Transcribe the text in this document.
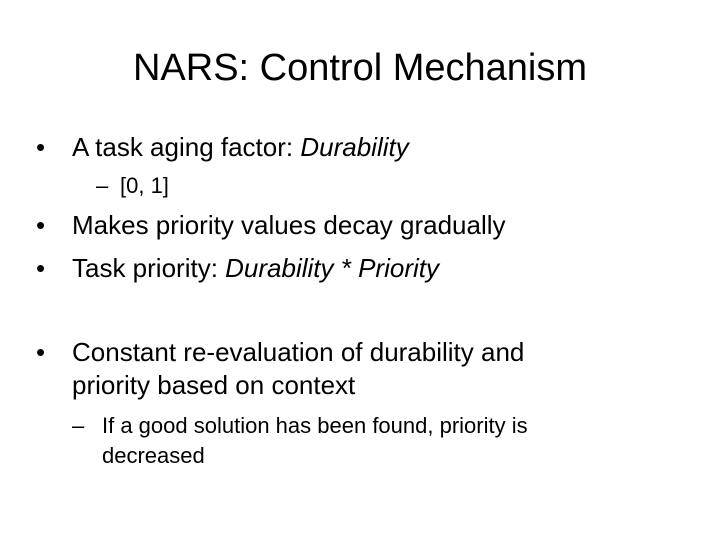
NARS: Control Mechanism
•	A task aging factor: Durability
– [0, 1]
•	Makes priority values decay gradually
•	Task priority: Durability * Priority
•	Constant re-evaluation of durability and
priority based on context
– If a good solution has been found, priority is
decreased
